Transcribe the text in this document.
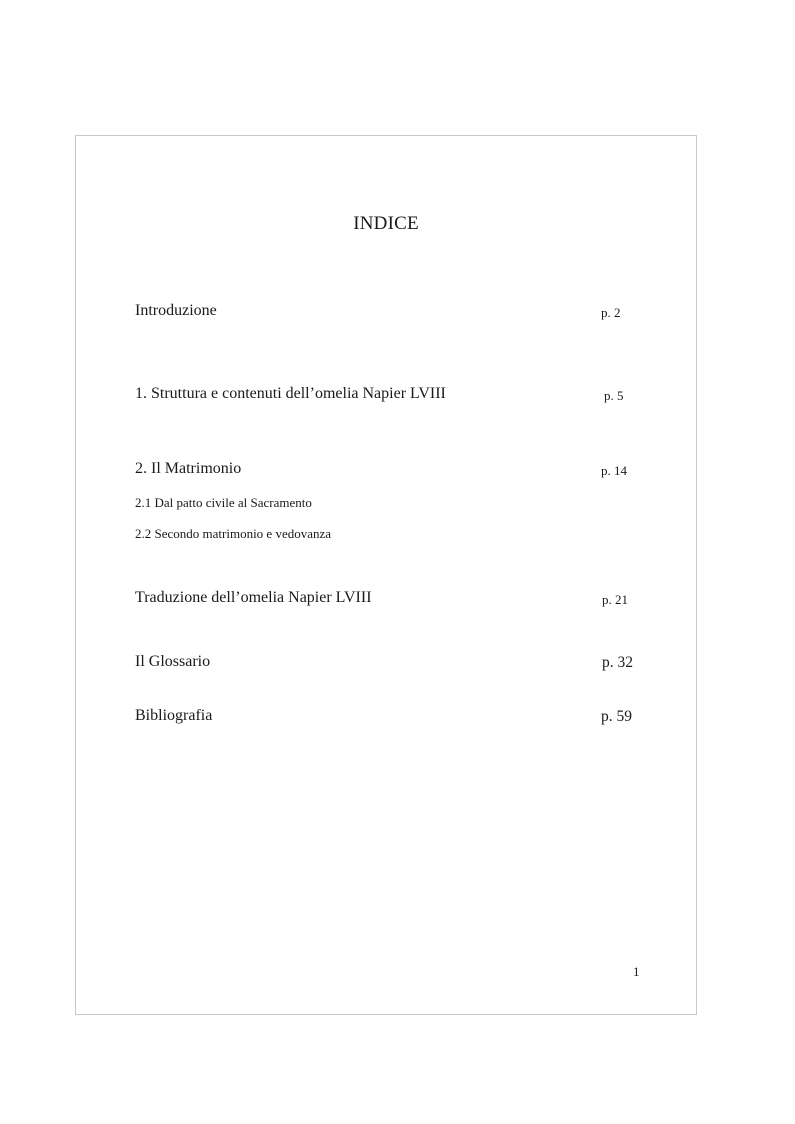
INDICE
Introduzione	p. 2
1. Struttura e contenuti dell’omelia Napier LVIII	p. 5
2. Il Matrimonio	p. 14
2.1 Dal patto civile al Sacramento
2.2 Secondo matrimonio e vedovanza
Traduzione dell’omelia Napier LVIII	p. 21
Il Glossario	p. 32
Bibliografia	p. 59
1
